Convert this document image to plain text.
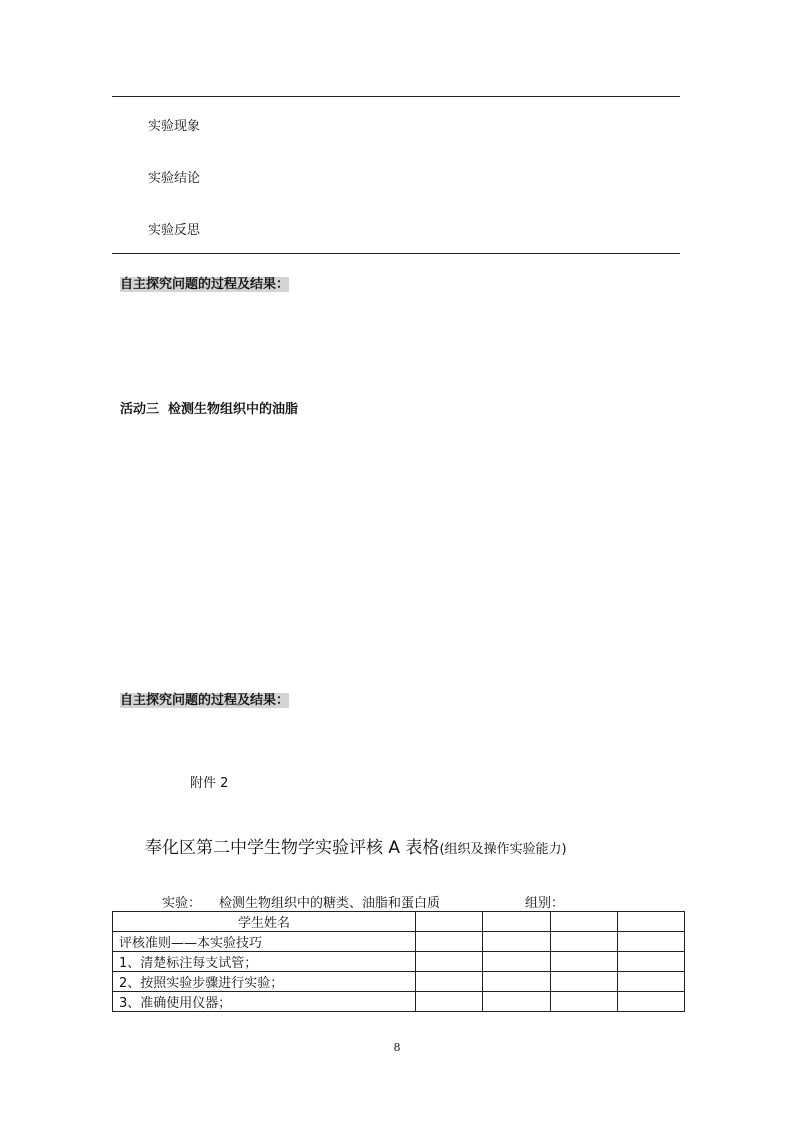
实验现象
实验结论
实验反思
自主探究问题的过程及结果：
活动三  检测生物组织中的油脂
自主探究问题的过程及结果：
附件 2
奉化区第二中学生物学实验评核 A 表格(组织及操作实验能力)
实验： 检测生物组织中的糖类、油脂和蛋白质	组别：
学生姓名				
评核准则——本实验技巧				
1、清楚标注每支试管；				
2、按照实验步骤进行实验；				
3、准确使用仪器；				
8
